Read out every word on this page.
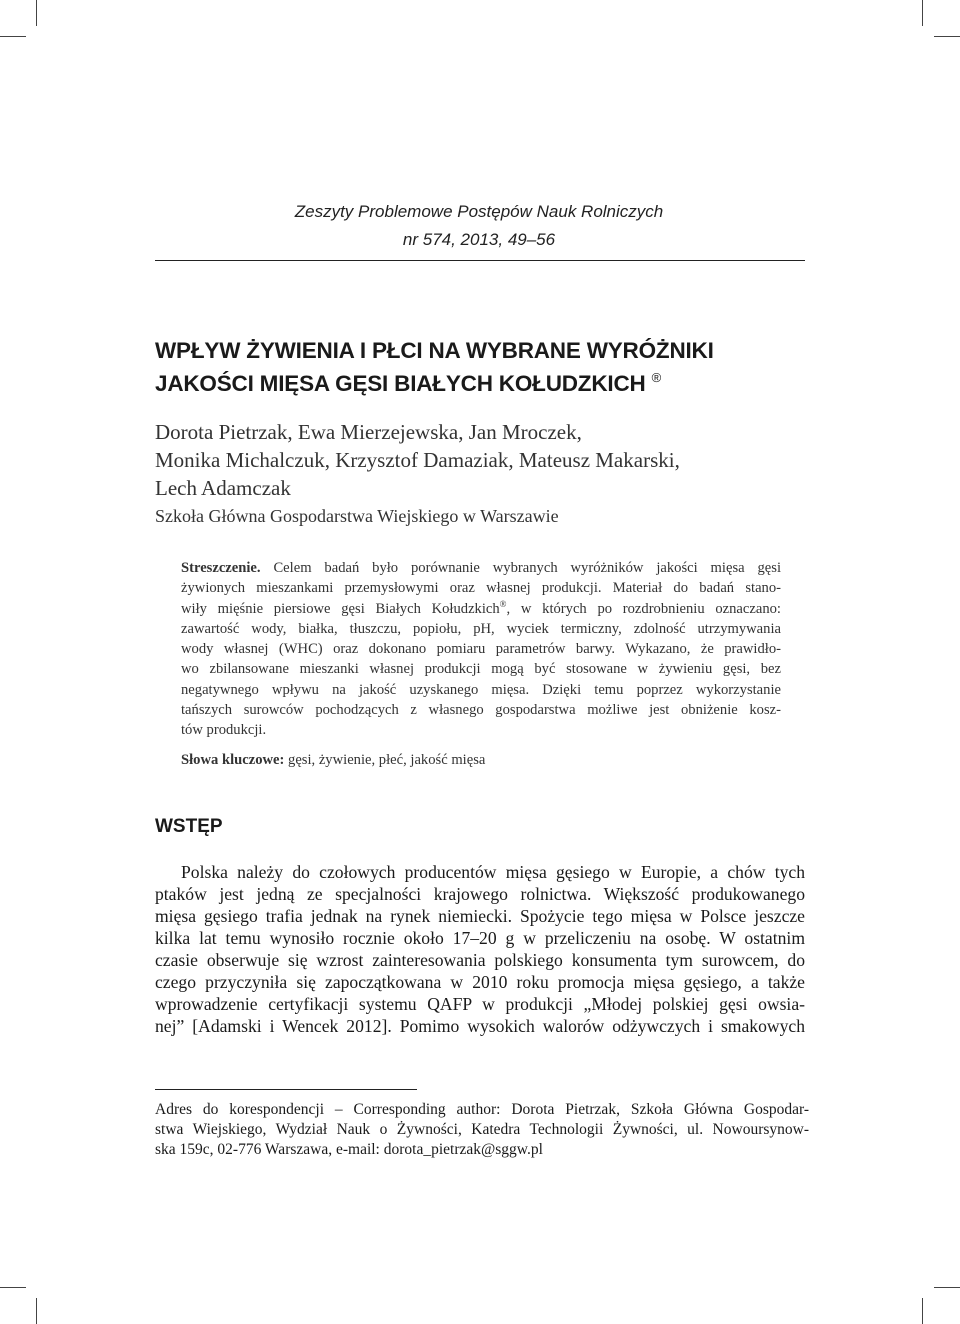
Zeszyty Problemowe Postępów Nauk Rolniczych
nr 574, 2013, 49–56
WPŁYW ŻYWIENIA I PŁCI NA WYBRANE WYRÓŻNIKI
JAKOŚCI MIĘSA GĘSI BIAŁYCH KOŁUDZKICH ®
Dorota Pietrzak, Ewa Mierzejewska, Jan Mroczek,
Monika Michalczuk, Krzysztof Damaziak, Mateusz Makarski,
Lech Adamczak
Szkoła Główna Gospodarstwa Wiejskiego w Warszawie
Streszczenie. Celem badań było porównanie wybranych wyróżników jakości mięsa gęsi
żywionych mieszankami przemysłowymi oraz własnej produkcji. Materiał do badań stano-
wiły mięśnie piersiowe gęsi Białych Kołudzkich®, w których po rozdrobnieniu oznaczano:
zawartość wody, białka, tłuszczu, popiołu, pH, wyciek termiczny, zdolność utrzymywania
wody własnej (WHC) oraz dokonano pomiaru parametrów barwy. Wykazano, że prawidło-
wo zbilansowane mieszanki własnej produkcji mogą być stosowane w żywieniu gęsi, bez
negatywnego wpływu na jakość uzyskanego mięsa. Dzięki temu poprzez wykorzystanie
tańszych surowców pochodzących z własnego gospodarstwa możliwe jest obniżenie kosz-
tów produkcji.
Słowa kluczowe: gęsi, żywienie, płeć, jakość mięsa
WSTĘP
Polska należy do czołowych producentów mięsa gęsiego w Europie, a chów tych
ptaków jest jedną ze specjalności krajowego rolnictwa. Większość produkowanego
mięsa gęsiego trafia jednak na rynek niemiecki. Spożycie tego mięsa w Polsce jeszcze
kilka lat temu wynosiło rocznie około 17–20 g w przeliczeniu na osobę. W ostatnim
czasie obserwuje się wzrost zainteresowania polskiego konsumenta tym surowcem, do
czego przyczyniła się zapoczątkowana w 2010 roku promocja mięsa gęsiego, a także
wprowadzenie certyfikacji systemu QAFP w produkcji „Młodej polskiej gęsi owsia-
nej” [Adamski i Wencek 2012]. Pomimo wysokich walorów odżywczych i smakowych
Adres do korespondencji – Corresponding author: Dorota Pietrzak, Szkoła Główna Gospodar-
stwa Wiejskiego, Wydział Nauk o Żywności, Katedra Technologii Żywności, ul. Nowoursynow-
ska 159c, 02-776 Warszawa, e-mail: dorota_pietrzak@sggw.pl
